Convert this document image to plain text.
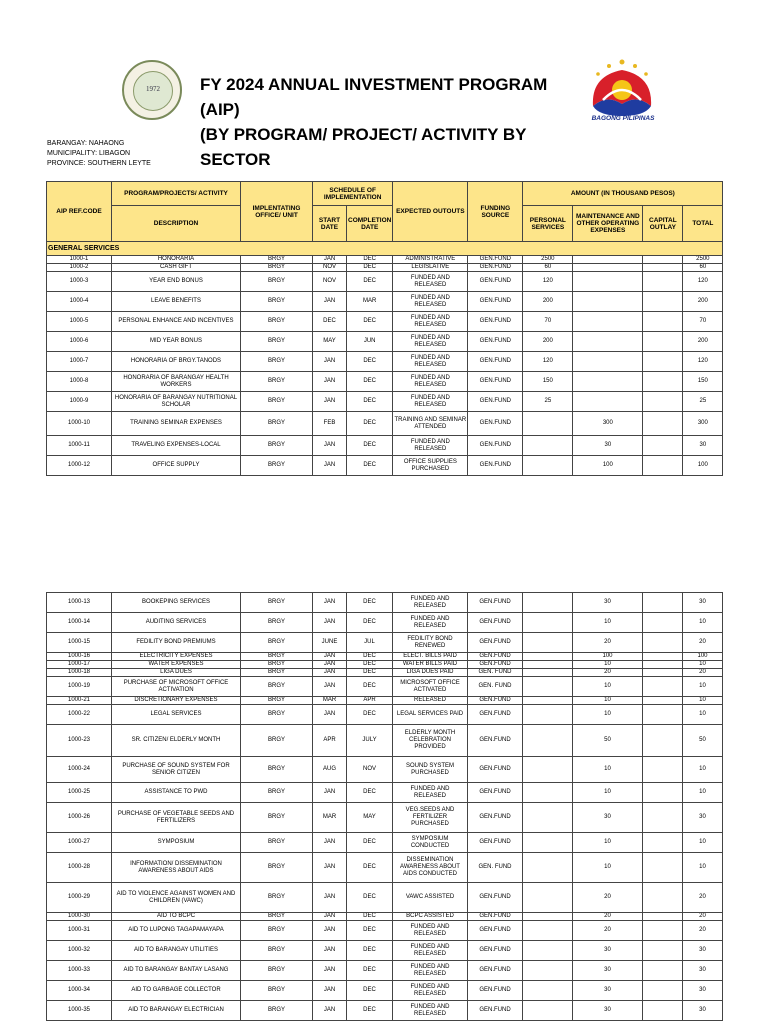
1972	FY 2024 ANNUAL INVESTMENT PROGRAM (AIP)
(BY PROGRAM/ PROJECT/ ACTIVITY BY SECTOR
BAGONG PILIPINAS
BARANGAY: NAHAONG
MUNICIPALITY: LIBAGON
PROVINCE: SOUTHERN LEYTE
AIP REF.CODE	PROGRAM/PROJECTS/ ACTIVITY	IMPLENTATING OFFICE/ UNIT	SCHEDULE OF IMPLEMENTATION		EXPECTED OUTOUTS	FUNDING SOURCE	AMOUNT (IN THOUSAND PESOS)			
	DESCRIPTION		START DATE	COMPLETION DATE			PERSONAL SERVICES	MAINTENANCE AND OTHER OPERATING EXPENSES	CAPITAL OUTLAY	TOTAL
GENERAL SERVICES										
1000-1	HONORARIA	BRGY	JAN	DEC	ADMINISTRATIVE	GEN.FUND	2500			2500
1000-2	CASH GIFT	BRGY	NOV	DEC	LEGISLATIVE	GEN.FUND	60			60
1000-3	YEAR END BONUS	BRGY	NOV	DEC	FUNDED AND RELEASED	GEN.FUND	120			120
1000-4	LEAVE BENEFITS	BRGY	JAN	MAR	FUNDED AND RELEASED	GEN.FUND	200			200
1000-5	PERSONAL ENHANCE AND INCENTIVES	BRGY	DEC	DEC	FUNDED AND RELEASED	GEN.FUND	70			70
1000-6	MID YEAR BONUS	BRGY	MAY	JUN	FUNDED AND RELEASED	GEN.FUND	200			200
1000-7	HONORARIA OF BRGY.TANODS	BRGY	JAN	DEC	FUNDED AND RELEASED	GEN.FUND	120			120
1000-8	HONORARIA OF BARANGAY HEALTH WORKERS	BRGY	JAN	DEC	FUNDED AND RELEASED	GEN.FUND	150			150
1000-9	HONORARIA OF BARANGAY NUTRITIONAL SCHOLAR	BRGY	JAN	DEC	FUNDED AND RELEASED	GEN.FUND	25			25
1000-10	TRAINING SEMINAR EXPENSES	BRGY	FEB	DEC	TRAINING AND SEMINAR ATTENDED	GEN.FUND		300		300
1000-11	TRAVELING EXPENSES-LOCAL	BRGY	JAN	DEC	FUNDED AND RELEASED	GEN.FUND		30		30
1000-12	OFFICE SUPPLY	BRGY	JAN	DEC	OFFICE SUPPLIES PURCHASED	GEN.FUND		100		100
1000-13	BOOKEPING SERVICES	BRGY	JAN	DEC	FUNDED AND RELEASED	GEN.FUND		30		30
1000-14	AUDITING SERVICES	BRGY	JAN	DEC	FUNDED AND RELEASED	GEN.FUND		10		10
1000-15	FEDILITY BOND PREMIUMS	BRGY	JUNE	JUL	FEDILITY BOND RENEWED	GEN.FUND		20		20
1000-16	ELECTRICITY EXPENSES	BRGY	JAN	DEC	ELECT. BILLS PAID	GEN.FUND		100		100
1000-17	WATER EXPENSES	BRGY	JAN	DEC	WATER BILLS PAID	GEN.FUND		10		10
1000-18	LIGA DUES	BRGY	JAN	DEC	LIGA DUES PAID	GEN. FUND		20		20
1000-19	PURCHASE OF MICROSOFT OFFICE ACTIVATION	BRGY	JAN	DEC	MICROSOFT OFFICE ACTIVATED	GEN. FUND		10		10
1000-21	DISCRETIONARY EXPENSES	BRGY	MAR	APR	RELEASED	GEN.FUND		10		10
1000-22	LEGAL SERVICES	BRGY	JAN	DEC	LEGAL SERVICES PAID	GEN.FUND		10		10
1000-23	SR. CITIZEN/ ELDERLY MONTH	BRGY	APR	JULY	ELDERLY MONTH CELEBRATION PROVIDED	GEN.FUND		50		50
1000-24	PURCHASE OF SOUND SYSTEM FOR SENIOR CITIZEN	BRGY	AUG	NOV	SOUND SYSTEM PURCHASED	GEN.FUND		10		10
1000-25	ASSISTANCE TO PWD	BRGY	JAN	DEC	FUNDED AND RELEASED	GEN.FUND		10		10
1000-26	PURCHASE OF VEGETABLE SEEDS AND FERTILIZERS	BRGY	MAR	MAY	VEG.SEEDS AND FERTILIZER PURCHASED	GEN.FUND		30		30
1000-27	SYMPOSIUM	BRGY	JAN	DEC	SYMPOSIUM CONDUCTED	GEN.FUND		10		10
1000-28	INFORMATION/ DISSEMINATION AWARENESS ABOUT AIDS	BRGY	JAN	DEC	DISSEMINATION AWARENESS ABOUT AIDS CONDUCTED	GEN. FUND		10		10
1000-29	AID TO VIOLENCE AGAINST WOMEN AND CHILDREN (VAWC)	BRGY	JAN	DEC	VAWC ASSISTED	GEN.FUND		20		20
1000-30	AID TO BCPC	BRGY	JAN	DEC	BCPC ASSISTED	GEN.FUND		20		20
1000-31	AID TO LUPONG TAGAPAMAYAPA	BRGY	JAN	DEC	FUNDED AND RELEASED	GEN.FUND		20		20
1000-32	AID TO BARANGAY UTILITIES	BRGY	JAN	DEC	FUNDED AND RELEASED	GEN.FUND		30		30
1000-33	AID TO BARANGAY BANTAY LASANG	BRGY	JAN	DEC	FUNDED AND RELEASED	GEN.FUND		30		30
1000-34	AID TO GARBAGE COLLECTOR	BRGY	JAN	DEC	FUNDED AND RELEASED	GEN.FUND		30		30
1000-35	AID TO BARANGAY ELECTRICIAN	BRGY	JAN	DEC	FUNDED AND RELEASED	GEN.FUND		30		30
